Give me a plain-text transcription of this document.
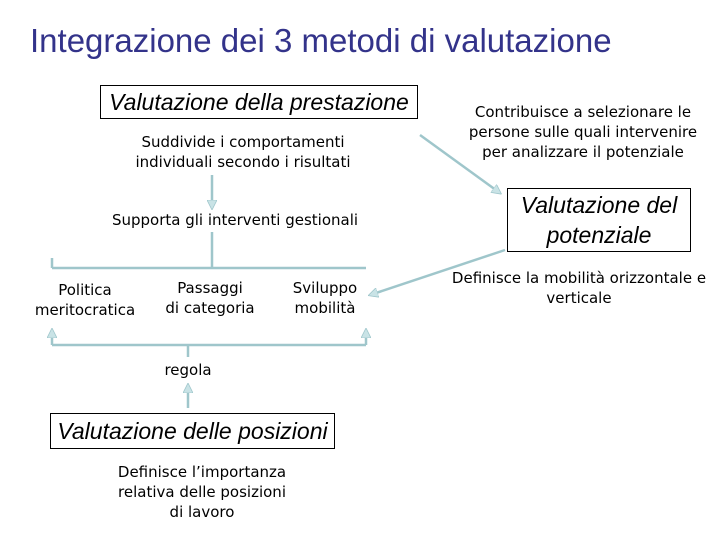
Integrazione dei 3 metodi di valutazione
Valutazione della prestazione
Suddivide i comportamenti
individuali secondo i risultati
Supporta gli interventi gestionali
Politica
meritocratica
Passaggi
di categoria
Sviluppo
mobilità
regola
Valutazione delle posizioni
Definisce l’importanza
relativa delle posizioni
di lavoro
Contribuisce a selezionare le
persone sulle quali intervenire
per analizzare il potenziale
Valutazione del
potenziale
Definisce la mobilità orizzontale e
verticale
